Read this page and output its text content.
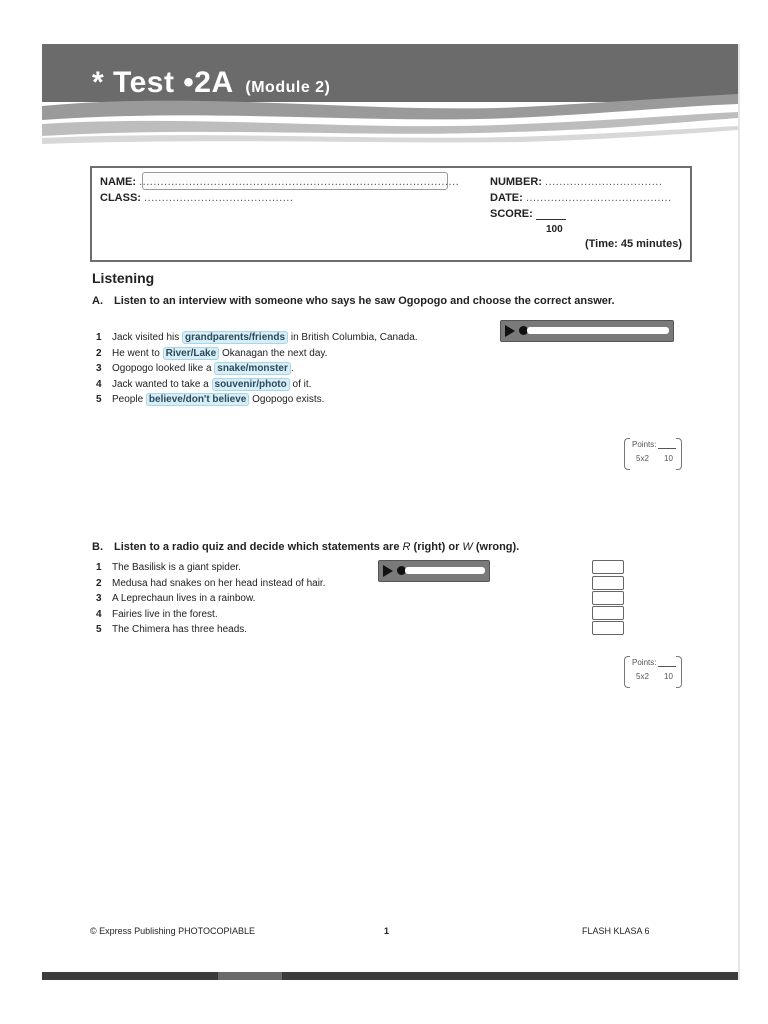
* Test •2A (Module 2)
NAME: ..........................................................................................
CLASS: ..........................................
NUMBER: .................................
DATE: .........................................
SCORE:
100
(Time: 45 minutes)
Listening
A. Listen to an interview with someone who says he saw Ogopogo and choose the correct answer.
1 Jack visited his grandparents/friends in British Columbia, Canada.
2 He went to River/Lake Okanagan the next day.
3 Ogopogo looked like a snake/monster .
4 Jack wanted to take a souvenir/photo of it.
5 People believe/don't believe Ogopogo exists.
Points:
5x2 10
B. Listen to a radio quiz and decide which statements are R (right) or W (wrong).
1 The Basilisk is a giant spider.
2 Medusa had snakes on her head instead of hair.
3 A Leprechaun lives in a rainbow.
4 Fairies live in the forest.
5 The Chimera has three heads.
Points:
5x2 10
© Express Publishing PHOTOCOPIABLE	1	FLASH KLASA 6
